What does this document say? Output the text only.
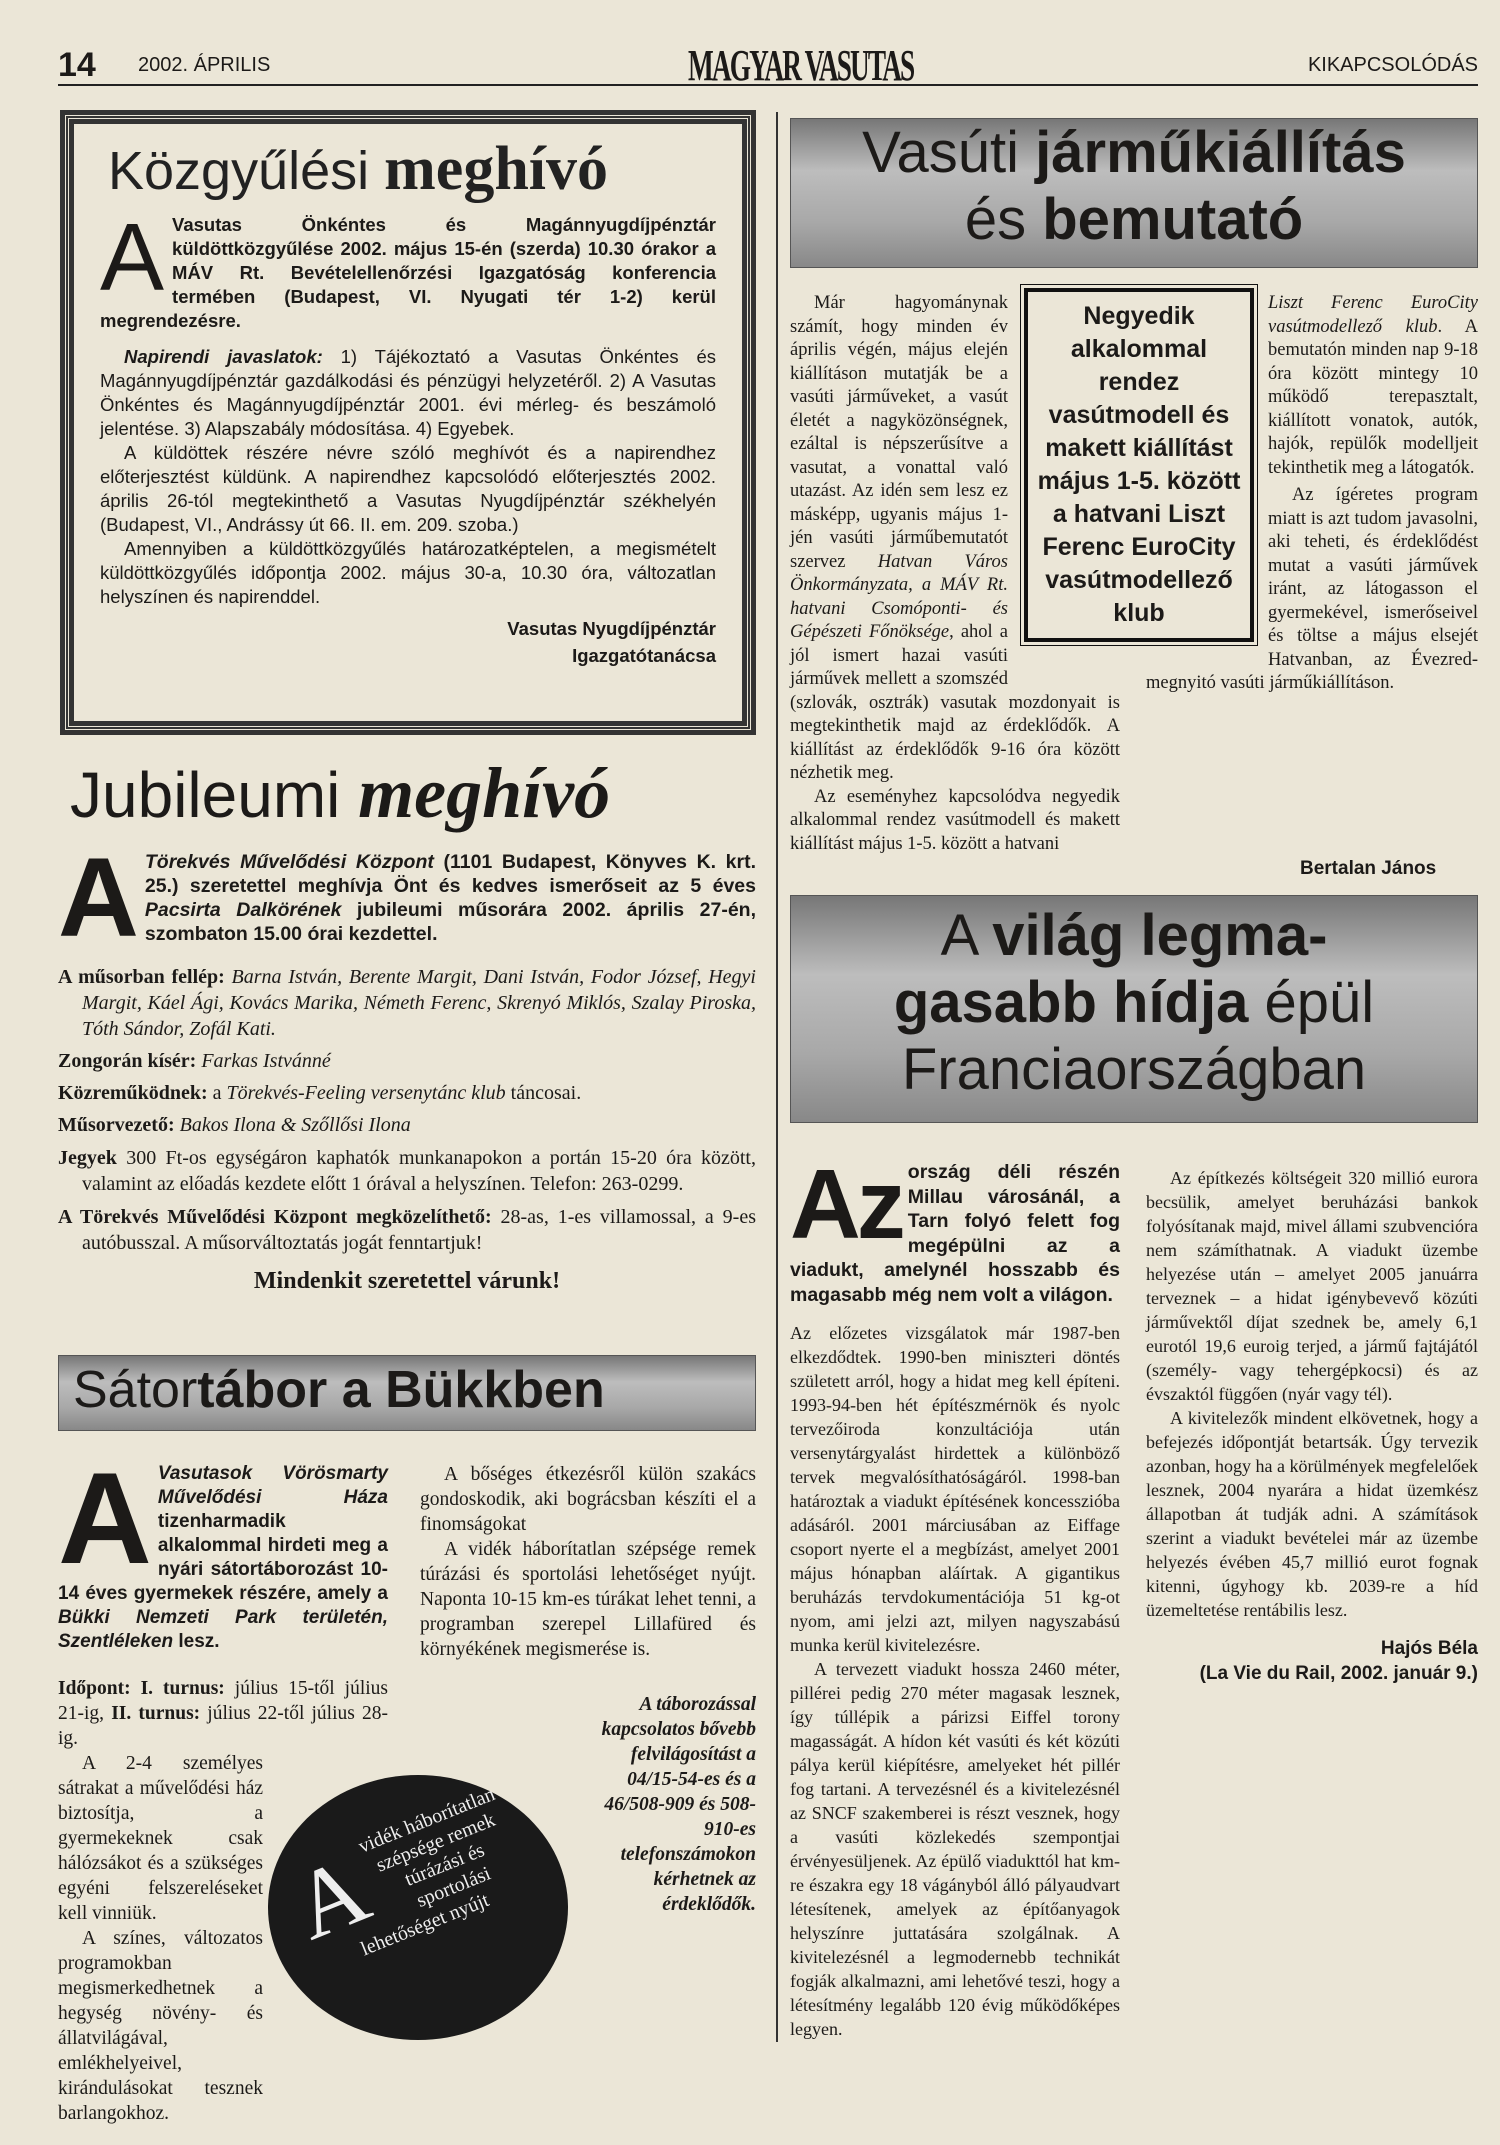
14 2002. ÁPRILIS	MAGYAR VASUTAS	KIKAPCSOLÓDÁS
Közgyűlési meghívó
A Vasutas Önkéntes és Magánnyugdíjpénztár küldöttközgyűlése 2002. május 15-én (szerda) 10.30 órakor a MÁV Rt. Bevételellenőrzési Igazgatóság konferencia termében (Budapest, VI. Nyugati tér 1-2) kerül megrendezésre.
Napirendi javaslatok: 1) Tájékoztató a Vasutas Önkéntes és Magánnyugdíjpénztár gazdálkodási és pénzügyi helyzetéről. 2) A Vasutas Önkéntes és Magánnyugdíjpénztár 2001. évi mérleg- és beszámoló jelentése. 3) Alapszabály módosítása. 4) Egyebek.
A küldöttek részére névre szóló meghívót és a napirendhez előterjesztést küldünk. A napirendhez kapcsolódó előterjesztés 2002. április 26-tól megtekinthető a Vasutas Nyugdíjpénztár székhelyén (Budapest, VI., Andrássy út 66. II. em. 209. szoba.)
Amennyiben a küldöttközgyűlés határozatképtelen, a megismételt küldöttközgyűlés időpontja 2002. május 30-a, 10.30 óra, változatlan helyszínen és napirenddel.
Vasutas Nyugdíjpénztár
Igazgatótanácsa
Jubileumi meghívó
A Törekvés Művelődési Központ (1101 Budapest, Könyves K. krt. 25.) szeretettel meghívja Önt és kedves ismerőseit az 5 éves Pacsirta Dalkörének jubileumi műsorára 2002. április 27-én, szombaton 15.00 órai kezdettel.
A műsorban fellép: Barna István, Berente Margit, Dani István, Fodor József, Hegyi Margit, Káel Ági, Kovács Marika, Németh Ferenc, Skrenyó Miklós, Szalay Piroska, Tóth Sándor, Zofál Kati.
Zongorán kísér: Farkas Istvánné
Közreműködnek: a Törekvés-Feeling versenytánc klub táncosai.
Műsorvezető: Bakos Ilona & Szőllősi Ilona
Jegyek 300 Ft-os egységáron kaphatók munkanapokon a portán 15-20 óra között, valamint az előadás kezdete előtt 1 órával a helyszínen. Telefon: 263-0299.
A Törekvés Művelődési Központ megközelíthető: 28-as, 1-es villamossal, a 9-es autóbusszal. A műsorváltoztatás jogát fenntartjuk!
Mindenkit szeretettel várunk!
Sátortábor a Bükkben
A Vasutasok Vörösmarty Művelődési Háza tizenharmadik alkalommal hirdeti meg a nyári sátortáborozást 10-14 éves gyermekek részére, amely a Bükki Nemzeti Park területén, Szentléleken lesz.
Időpont: I. turnus: július 15-től július 21-ig, II. turnus: július 22-től július 28-ig.
A 2-4 személyes sátrakat a művelődési ház biztosítja, a gyermekeknek csak hálózsákot és a szükséges egyéni felszereléseket kell vinniük.
A színes, változatos programokban megismerkedhetnek a hegység növény- és állatvilágával, emlékhelyeivel, kirándulásokat tesznek barlangokhoz.
A bőséges étkezésről külön szakács gondoskodik, aki bográcsban készíti el a finomságokat
A vidék háborítatlan szépsége remek túrázási és sportolási lehetőséget nyújt. Naponta 10-15 km-es túrákat lehet tenni, a programban szerepel Lillafüred és környékének megismerése is.
A táborozással kapcsolatos bővebb felvilágosítást a 04/15-54-es és a 46/508-909 és 508-910-es telefonszámokon kérhetnek az érdeklődők.
A
vidék háborítatlan szépsége remek túrázási és sportolási lehetőséget nyújt
Vasúti járműkiállítás
és bemutató
Már hagyománynak számít, hogy minden év április végén, május elején kiállításon mutatják be a vasúti járműveket, a vasút életét a nagyközönségnek, ezáltal is népszerűsítve a vasutat, a vonattal való utazást. Az idén sem lesz ez másképp, ugyanis május 1-jén vasúti járműbemutatót szervez Hatvan Város Önkormányzata, a MÁV Rt. hatvani Csomóponti- és Gépészeti Főnöksége, ahol a jól ismert hazai vasúti járművek mellett a szomszéd (szlovák, osztrák) vasutak mozdonyait is megtekinthetik majd az érdeklődők. A kiállítást az érdeklődők 9-16 óra között nézhetik meg.
Az eseményhez kapcsolódva negyedik alkalommal rendez vasútmodell és makett kiállítást május 1-5. között a hatvani
Liszt Ferenc EuroCity vasútmodellező klub. A bemutatón minden nap 9-18 óra között mintegy 10 működő terepasztalt, kiállított vonatok, autók, hajók, repülők modelljeit tekinthetik meg a látogatók.
Az ígéretes program miatt is azt tudom javasolni, aki teheti, és érdeklődést mutat a vasúti járművek iránt, az látogasson el gyermekével, ismerőseivel és töltse a május elsejét Hatvanban, az Évezred-megnyitó vasúti járműkiállításon.
Negyedik alkalommal rendez vasútmodell és makett kiállítást május 1-5. között a hatvani Liszt Ferenc EuroCity vasútmodellező klub
Bertalan János
A világ legma-
gasabb hídja épül
Franciaországban
Az ország déli részén Millau városánál, a Tarn folyó felett fog megépülni az a viadukt, amelynél hosszabb és magasabb még nem volt a világon.
Az előzetes vizsgálatok már 1987-ben elkezdődtek. 1990-ben miniszteri döntés született arról, hogy a hidat meg kell építeni. 1993-94-ben hét építészmérnök és nyolc tervezőiroda konzultációja után versenytárgyalást hirdettek a különböző tervek megvalósíthatóságáról. 1998-ban határoztak a viadukt építésének koncesszióba adásáról. 2001 márciusában az Eiffage csoport nyerte el a megbízást, amelyet 2001 május hónapban aláírtak. A gigantikus beruházás tervdokumentációja 51 kg-ot nyom, ami jelzi azt, milyen nagyszabású munka kerül kivitelezésre.
A tervezett viadukt hossza 2460 méter, pillérei pedig 270 méter magasak lesznek, így túllépik a párizsi Eiffel torony magasságát. A hídon két vasúti és két közúti pálya kerül kiépítésre, amelyeket hét pillér fog tartani. A tervezésnél és a kivitelezésnél az SNCF szakemberei is részt vesznek, hogy a vasúti közlekedés szempontjai érvényesüljenek. Az épülő viadukttól hat km-re északra egy 18 vágányból álló pályaudvart létesítenek, amelyek az építőanyagok helyszínre juttatására szolgálnak. A kivitelezésnél a legmodernebb technikát fogják alkalmazni, ami lehetővé teszi, hogy a létesítmény legalább 120 évig működőképes legyen.
Az építkezés költségeit 320 millió eurora becsülik, amelyet beruházási bankok folyósítanak majd, mivel állami szubvencióra nem számíthatnak. A viadukt üzembe helyezése után – amelyet 2005 januárra terveznek – a hidat igénybevevő közúti járművektől díjat szednek be, amely 6,1 eurotól 19,6 euroig terjed, a jármű fajtájától (személy- vagy tehergépkocsi) és az évszaktól függően (nyár vagy tél).
A kivitelezők mindent elkövetnek, hogy a befejezés időpontját betartsák. Úgy tervezik azonban, hogy ha a körülmények megfelelőek lesznek, 2004 nyarára a hidat üzemkész állapotban át tudják adni. A számítások szerint a viadukt bevételei már az üzembe helyezés évében 45,7 millió eurot fognak kitenni, úgyhogy kb. 2039-re a híd üzemeltetése rentábilis lesz.
Hajós Béla
(La Vie du Rail, 2002. január 9.)
